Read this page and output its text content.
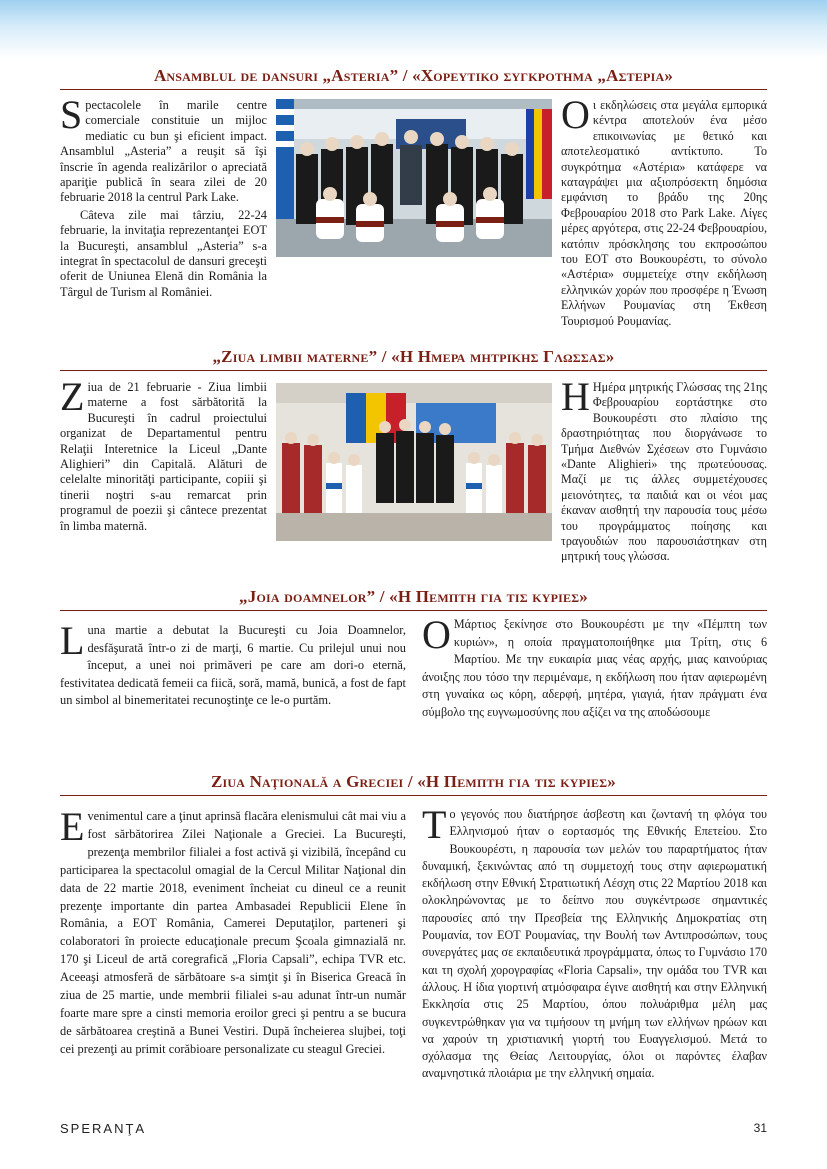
Ansamblul de dansuri „Asteria” / «Χορευτικο συγκροτημα „Αστερια»

Spectacolele în marile centre comerciale constituie un mijloc mediatic cu bun şi eficient impact. Ansamblul „Asteria” a reuşit să îşi înscrie în agenda realizărilor o apreciată apariţie publică în seara zilei de 20 februarie 2018 la centrul Park Lake.

Câteva zile mai târziu, 22-24 februarie, la invitaţia reprezentanţei EOT la Bucureşti, ansamblul „Asteria” s-a integrat în spectacolul de dansuri greceşti oferit de Uniunea Elenă din România la Târgul de Turism al României.

Oι εκδηλώσεις στα μεγάλα εμπορικά κέντρα αποτελούν ένα μέσο επικοινωνίας με θετικό και αποτελεσματικό αντίκτυπο. Το συγκρότημα «Αστέρια» κατάφερε να καταγράψει μια αξιοπρόσεκτη δημόσια εμφάνιση το βράδυ της 20ης Φεβρουαρίου 2018 στο Park Lake. Λίγες μέρες αργότερα, στις 22-24 Φεβρουαρίου, κατόπιν πρόσκλησης του εκπροσώπου του ΕΟΤ στο Βουκουρέστι, το σύνολο «Αστέρια» συμμετείχε στην εκδήλωση ελληνικών χορών που προσφέρε η Ένωση Ελλήνων Ρουμανίας στη Έκθεση Τουρισμού Ρουμανίας.

„Ziua limbii materne” / «Η Ημερα μητρικης Γλωσσας»

Ziua de 21 februarie - Ziua limbii materne a fost sărbătorită la Bucureşti în cadrul proiectului organizat de Departamentul pentru Relaţii Interetnice la Liceul „Dante Alighieri” din Capitală. Alături de celelalte minorităţi participante, copiii şi tinerii noştri s-au remarcat prin programul de poezii şi cântece prezentat în limba maternă.

H Ημέρα μητρικής Γλώσσας της 21ης Φεβρουαρίου εορτάστηκε στο Βουκουρέστι στο πλαίσιο της δραστηριότητας που διοργάνωσε το Τμήμα Διεθνών Σχέσεων στο Γυμνάσιο «Dante Alighieri» της πρωτεύουσας. Μαζί με τις άλλες συμμετέχουσες μειονότητες, τα παιδιά και οι νέοι μας έκαναν αισθητή την παρουσία τους μέσω του προγράμματος ποίησης και τραγουδιών που παρουσιάστηκαν στη μητρική τους γλώσσα.

„Joia doamnelor” / «Η Πεμπτη για τις κυριες»

Luna martie a debutat la Bucureşti cu Joia Doamnelor, desfăşurată într-o zi de marţi, 6 martie. Cu prilejul unui nou început, a unei noi primăveri pe care am dori-o eternă, festivitatea dedicată femeii ca fiică, soră, mamă, bunică, a fost de fapt un simbol al binemeritatei recunoştinţe ce le-o purtăm.

O Μάρτιος ξεκίνησε στο Βουκουρέστι με την «Πέμπτη των κυριών», η οποία πραγματοποιήθηκε μια Τρίτη, στις 6 Μαρτίου. Με την ευκαιρία μιας νέας αρχής, μιας καινούριας άνοιξης που τόσο την περιμέναμε, η εκδήλωση που ήταν αφιερωμένη στη γυναίκα ως κόρη, αδερφή, μητέρα, γιαγιά, ήταν πράγματι ένα σύμβολο της ευγνωμοσύνης που αξίζει να της αποδώσουμε

Ziua Naţională a Greciei / «Η Πεμπτη για τις κυριες»

Evenimentul care a ţinut aprinsă flacăra elenismului cât mai viu a fost sărbătorirea Zilei Naţionale a Greciei. La Bucureşti, prezenţa membrilor filialei a fost activă şi vizibilă, începând cu participarea la spectacolul omagial de la Cercul Militar Naţional din data de 22 martie 2018, eveniment încheiat cu dineul ce a reunit prezenţe importante din partea Ambasadei Republicii Elene în România, a EOT România, Camerei Deputaţilor, parteneri şi colaboratori în proiecte educaţionale precum Şcoala gimnazială nr. 170 şi Liceul de artă coregrafică „Floria Capsali”, echipa TVR etc. Aceeaşi atmosferă de sărbătoare s-a simţit şi în Biserica Greacă în ziua de 25 martie, unde membrii filialei s-au adunat într-un număr foarte mare spre a cinsti memoria eroilor greci şi pentru a se bucura de sărbătoarea creştină a Bunei Vestiri. După încheierea slujbei, toţi cei prezenţi au primit corăbioare personalizate cu steagul Greciei.

Tο γεγονός που διατήρησε άσβεστη και ζωντανή τη φλόγα του Ελληνισμού ήταν ο εορτασμός της Εθνικής Επετείου. Στο Βουκουρέστι, η παρουσία των μελών του παραρτήματος ήταν δυναμική, ξεκινώντας από τη συμμετοχή τους στην αφιερωματική εκδήλωση στην Εθνική Στρατιωτική Λέσχη στις 22 Μαρτίου 2018 και ολοκληρώνοντας με το δείπνο που συγκέντρωσε σημαντικές παρουσίες από την Πρεσβεία της Ελληνικής Δημοκρατίας στη Ρουμανία, τον ΕΟΤ Ρουμανίας, την Βουλή των Αντιπροσώπων, τους συνεργάτες μας σε εκπαιδευτικά προγράμματα, όπως το Γυμνάσιο 170 και τη σχολή χορογραφίας «Floria Capsali», την ομάδα του TVR και άλλους. Η ίδια γιορτινή ατμόσφαιρα έγινε αισθητή και στην Ελληνική Εκκλησία στις 25 Μαρτίου, όπου πολυάριθμα μέλη μας συγκεντρώθηκαν για να τιμήσουν τη μνήμη των ελλήνων ηρώων και να χαρούν τη χριστιανική γιορτή του Ευαγγελισμού. Μετά το σχόλασμα της Θείας Λειτουργίας, όλοι οι παρόντες έλαβαν αναμνηστικά πλοιάρια με την ελληνική σημαία.

SPERANŢA	31
